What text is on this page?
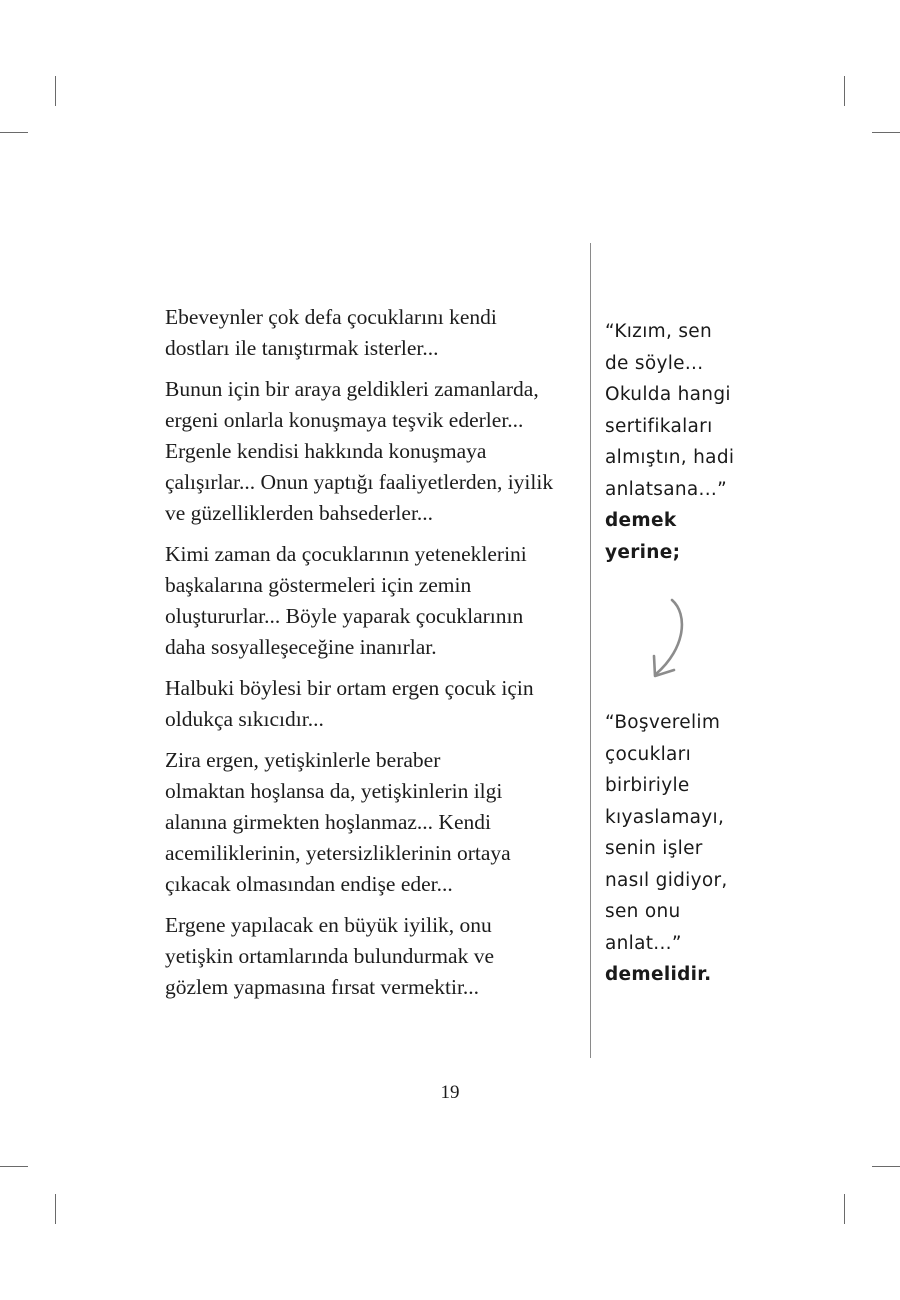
Ebeveynler çok defa çocuklarını kendi
dostları ile tanıştırmak isterler...

Bunun için bir araya geldikleri zamanlarda,
ergeni onlarla konuşmaya teşvik ederler...
Ergenle kendisi hakkında konuşmaya
çalışırlar... Onun yaptığı faaliyetlerden, iyilik
ve güzelliklerden bahsederler...

Kimi zaman da çocuklarının yeteneklerini
başkalarına göstermeleri için zemin
oluştururlar... Böyle yaparak çocuklarının
daha sosyalleşeceğine inanırlar.

Halbuki böylesi bir ortam ergen çocuk için
oldukça sıkıcıdır...

Zira ergen, yetişkinlerle beraber
olmaktan hoşlansa da, yetişkinlerin ilgi
alanına girmekten hoşlanmaz... Kendi
acemiliklerinin, yetersizliklerinin ortaya
çıkacak olmasından endişe eder...

Ergene yapılacak en büyük iyilik, onu
yetişkin ortamlarında bulundurmak ve
gözlem yapmasına fırsat vermektir...

“Kızım, sen
de söyle...
Okulda hangi
sertifikaları
almıştın, hadi
anlatsana...”
demek
yerine;
“Boşverelim
çocukları
birbiriyle
kıyaslamayı,
senin işler
nasıl gidiyor,
sen onu
anlat...”
demelidir.
19
